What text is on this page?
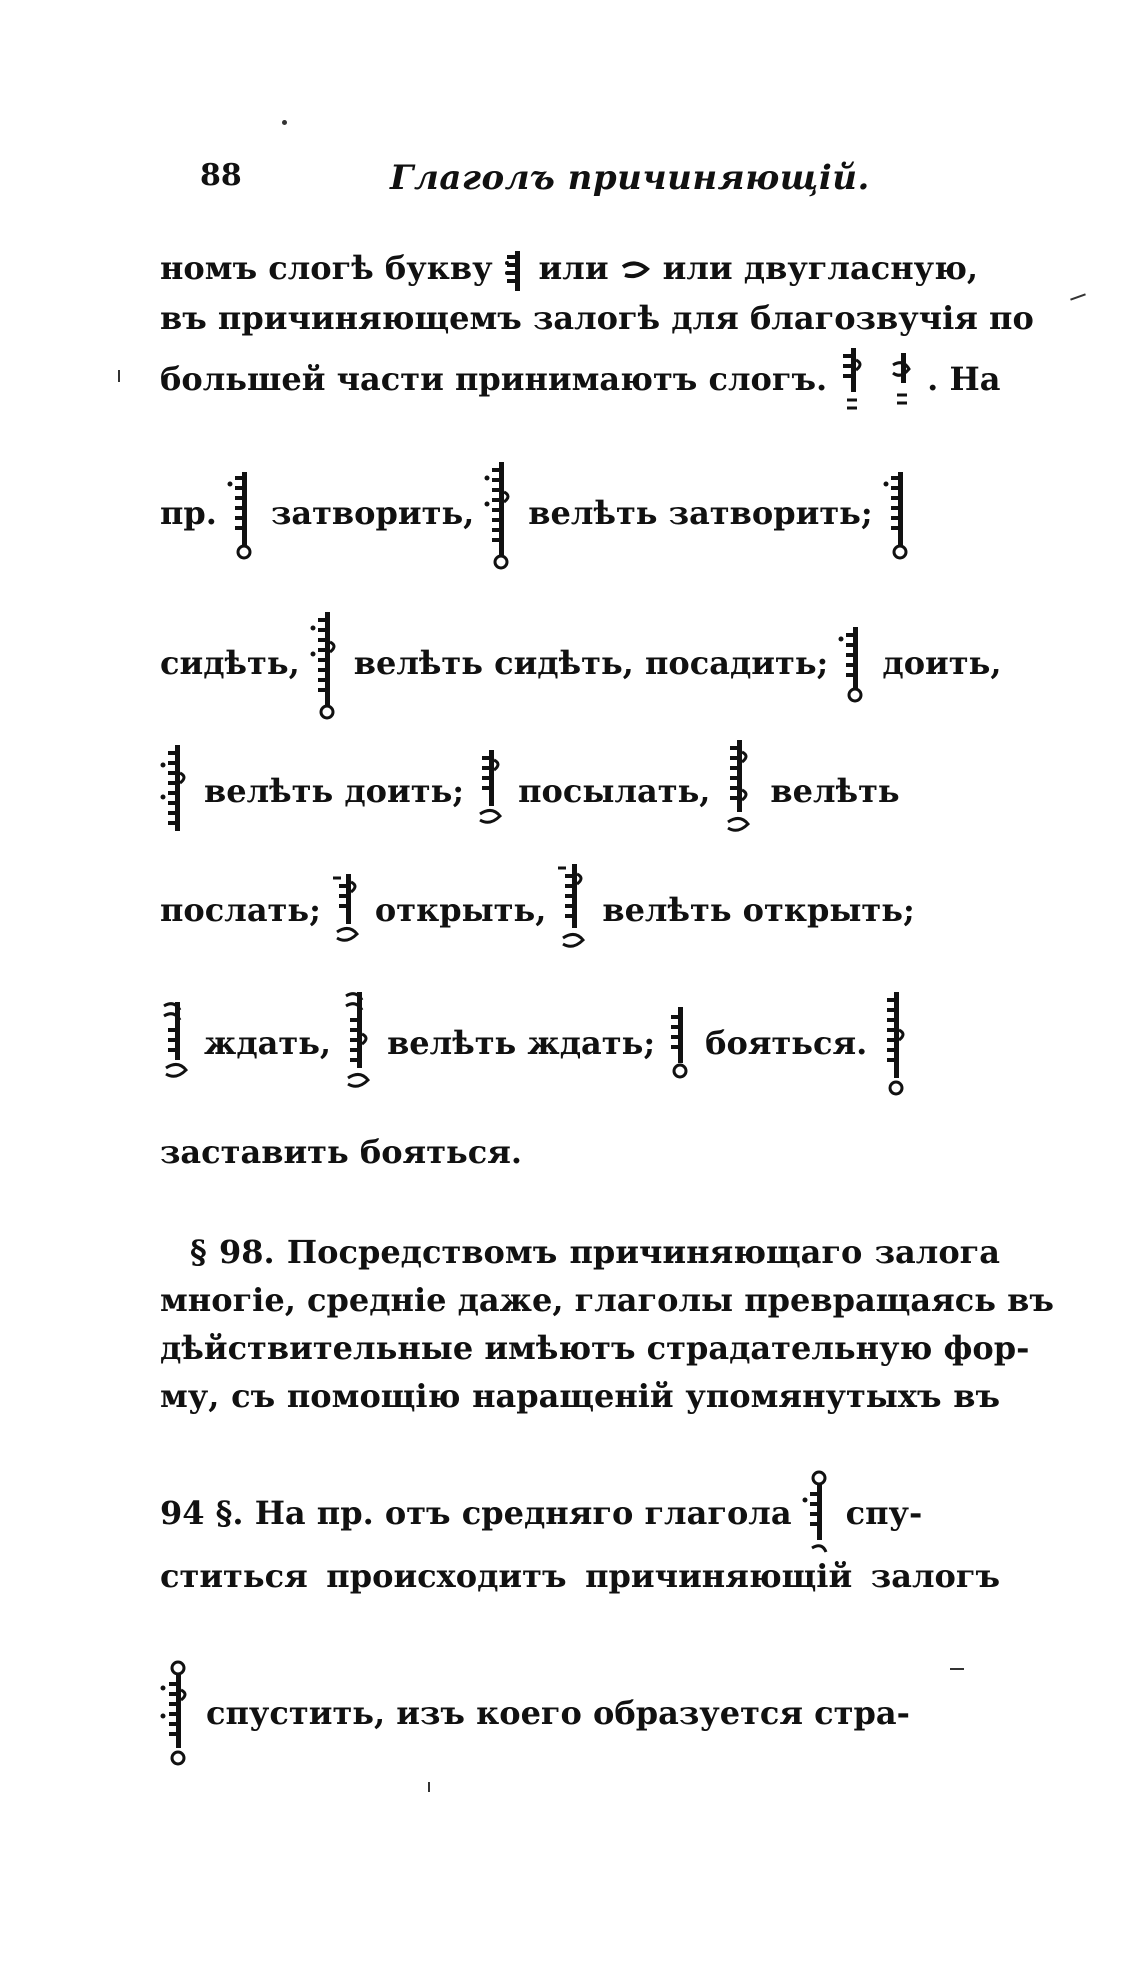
88	Глаголъ причиняющій.
номъ слогѣ букву или или двугласную,
въ причиняющемъ залогѣ для благозвучія по
большей части принимаютъ слогъ.	. На
пр. затворить, велѣть затворить;
сидѣть, велѣть сидѣть, посадить; доить,
велѣть доить; посылать, велѣть
послать; открыть, велѣть открыть;
ждать, велѣть ждать; бояться.
заставить бояться.
§ 98. Посредствомъ причиняющаго залога
многіе, средніе даже, глаголы превращаясь въ
дѣйствительные имѣютъ страдательную фор-
му, съ помощію наращеній упомянутыхъ въ
94 §. На пр. отъ средняго глагола спу-
ститься происходитъ причиняющій залогъ
спустить, изъ коего образуется стра-
